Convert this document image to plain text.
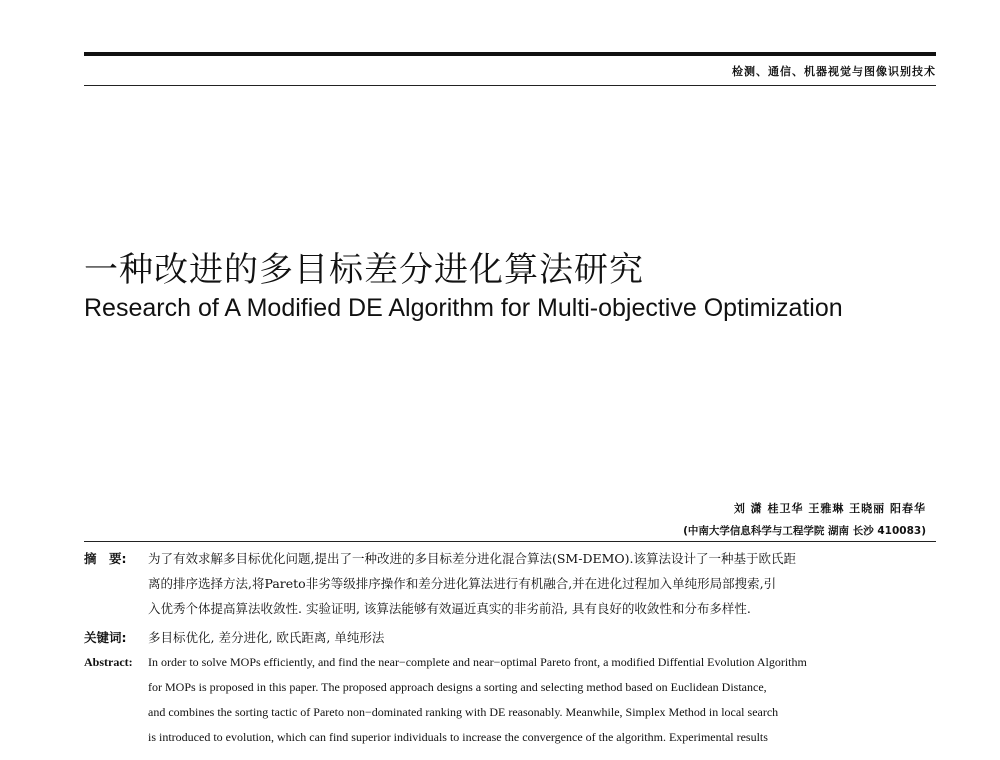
检测、通信、机器视觉与图像识别技术
一种改进的多目标差分进化算法研究
Research of A Modified DE Algorithm for Multi-objective Optimization
刘 潇 桂卫华 王雅琳 王晓丽 阳春华
(中南大学信息科学与工程学院 湖南 长沙 410083)
摘　要: 为了有效求解多目标优化问题,提出了一种改进的多目标差分进化混合算法(SM-DEMO).该算法设计了一种基于欧氏距
离的排序选择方法,将Pareto非劣等级排序操作和差分进化算法进行有机融合,并在进化过程加入单纯形局部搜索,引
入优秀个体提高算法收敛性. 实验证明, 该算法能够有效逼近真实的非劣前沿, 具有良好的收敛性和分布多样性.
关键词: 多目标优化, 差分进化, 欧氏距离, 单纯形法
Abstract: In order to solve MOPs efficiently, and find the near−complete and near−optimal Pareto front, a modified Diffential Evolution Algorithm
for MOPs is proposed in this paper. The proposed approach designs a sorting and selecting method based on Euclidean Distance,
and combines the sorting tactic of Pareto non−dominated ranking with DE reasonably. Meanwhile, Simplex Method in local search
is introduced to evolution, which can find superior individuals to increase the convergence of the algorithm. Experimental results
